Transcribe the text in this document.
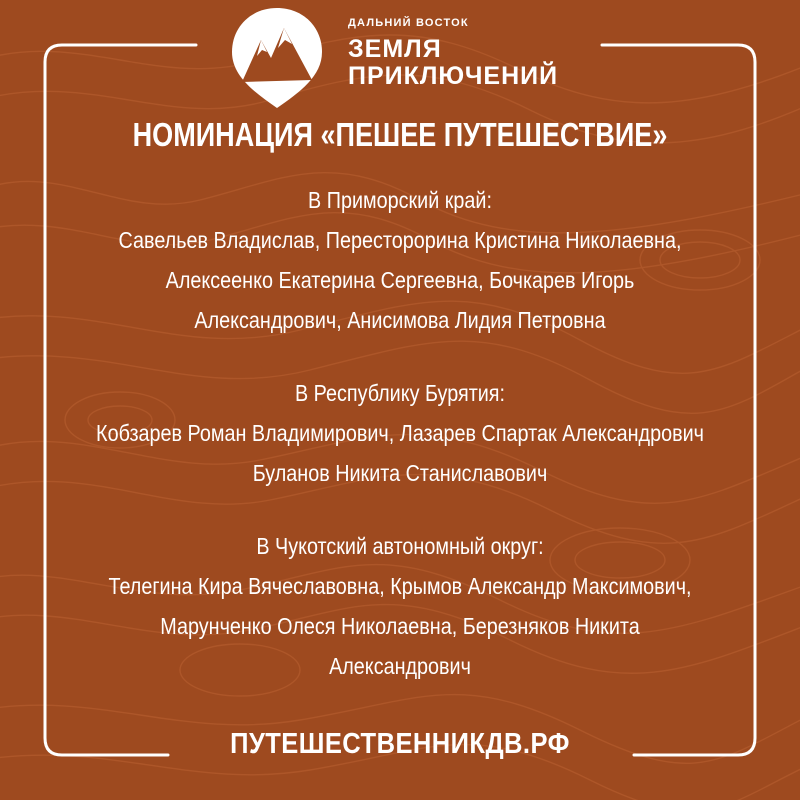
ДАЛЬНИЙ ВОСТОК
ЗЕМЛЯ
ПРИКЛЮЧЕНИЙ
НОМИНАЦИЯ «ПЕШЕЕ ПУТЕШЕСТВИЕ»
В Приморский край:
Савельев Владислав, Пересторорина Кристина Николаевна,
Алексеенко Екатерина Сергеевна, Бочкарев Игорь
Александрович, Анисимова Лидия Петровна
В Республику Бурятия:
Кобзарев Роман Владимирович, Лазарев Спартак Александрович
Буланов Никита Станиславович
В Чукотский автономный округ:
Телегина Кира Вячеславовна, Крымов Александр Максимович,
Марунченко Олеся Николаевна, Березняков Никита
Александрович
ПУТЕШЕСТВЕННИКДВ.РФ
